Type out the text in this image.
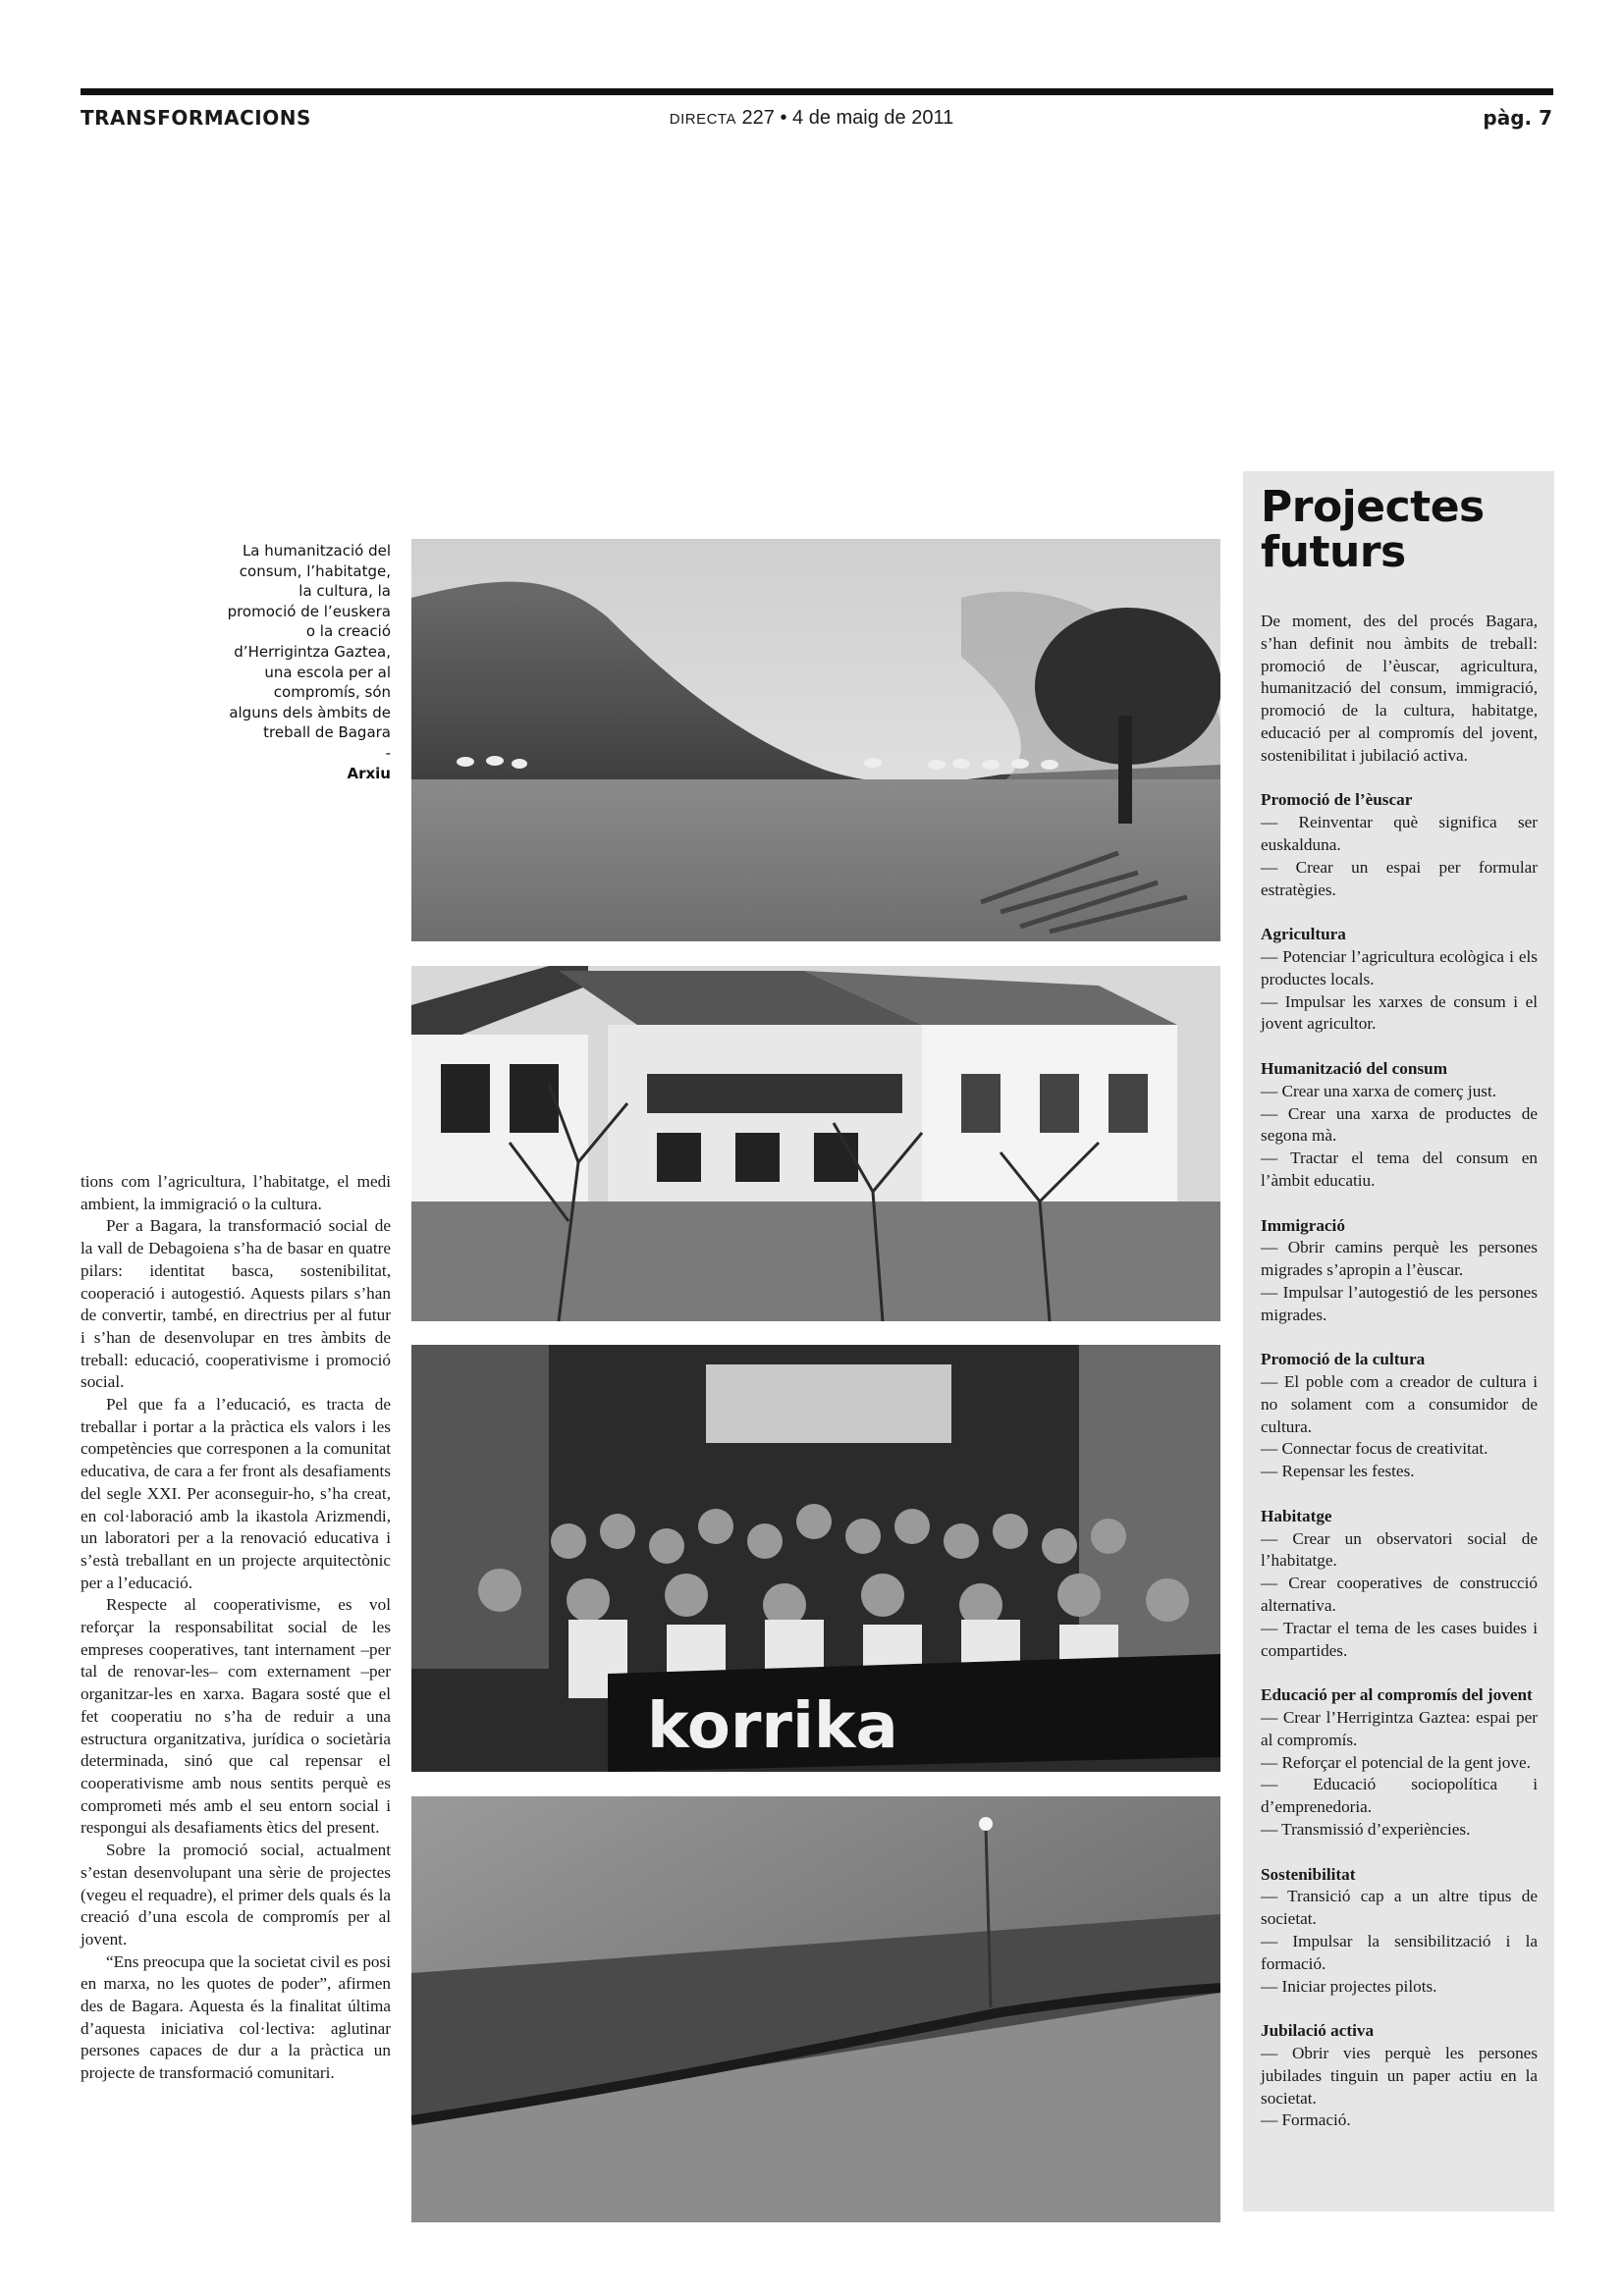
TRANSFORMACIONS	DIRECTA 227 • 4 de maig de 2011	pàg. 7
La humanització del consum, l’habitatge, la cultura, la promoció de l’euskera o la creació d’Herrigintza Gaztea, una escola per al compromís, són alguns dels àmbits de treball de Bagara
-
Arxiu
korrika

tions com l’agricultura, l’habitatge, el medi ambient, la immigració o la cultura.

Per a Bagara, la transformació social de la vall de Debagoiena s’ha de basar en quatre pilars: identitat basca, sostenibilitat, cooperació i autogestió. Aquests pilars s’han de convertir, també, en directrius per al futur i s’han de desenvolupar en tres àmbits de treball: educació, cooperativisme i promoció social.

Pel que fa a l’educació, es tracta de treballar i portar a la pràctica els valors i les competències que corresponen a la comunitat educativa, de cara a fer front als desafiaments del segle XXI. Per aconseguir-ho, s’ha creat, en col·laboració amb la ikastola Arizmendi, un laboratori per a la renovació educativa i s’està treballant en un projecte arquitectònic per a l’educació.

Respecte al cooperativisme, es vol reforçar la responsabilitat social de les empreses cooperatives, tant internament –per tal de renovar-les– com externament –per organitzar-les en xarxa. Bagara sosté que el fet cooperatiu no s’ha de reduir a una estructura organitzativa, jurídica o societària determinada, sinó que cal repensar el cooperativisme amb nous sentits perquè es comprometi més amb el seu entorn social i respongui als desafiaments ètics del present.

Sobre la promoció social, actualment s’estan desenvolupant una sèrie de projectes (vegeu el requadre), el primer dels quals és la creació d’una escola de compromís per al jovent.

“Ens preocupa que la societat civil es posi en marxa, no les quotes de poder”, afirmen des de Bagara. Aquesta és la finalitat última d’aquesta iniciativa col·lectiva: aglutinar persones capaces de dur a la pràctica un projecte de transformació comunitari.

Projectes
futurs

De moment, des del procés Bagara, s’han definit nou àmbits de treball: promoció de l’èuscar, agricultura, humanització del consum, immigració, promoció de la cultura, habitatge, educació per al compromís del jovent, sostenibilitat i jubilació activa.

Promoció de l’èuscar

— Reinventar què significa ser euskalduna.

— Crear un espai per formular estratègies.

Agricultura

— Potenciar l’agricultura ecològica i els productes locals.

— Impulsar les xarxes de consum i el jovent agricultor.

Humanització del consum

— Crear una xarxa de comerç just.

— Crear una xarxa de productes de segona mà.

— Tractar el tema del consum en l’àmbit educatiu.

Immigració

— Obrir camins perquè les persones migrades s’apropin a l’èuscar.

— Impulsar l’autogestió de les persones migrades.

Promoció de la cultura

— El poble com a creador de cultura i no solament com a consumidor de cultura.

— Connectar focus de creativitat.

— Repensar les festes.

Habitatge

— Crear un observatori social de l’habitatge.

— Crear cooperatives de construcció alternativa.

— Tractar el tema de les cases buides i compartides.

Educació per al compromís del jovent

— Crear l’Herrigintza Gaztea: espai per al compromís.

— Reforçar el potencial de la gent jove.

— Educació sociopolítica i d’emprenedoria.

— Transmissió d’experiències.

Sostenibilitat

— Transició cap a un altre tipus de societat.

— Impulsar la sensibilització i la formació.

— Iniciar projectes pilots.

Jubilació activa

— Obrir vies perquè les persones jubilades tinguin un paper actiu en la societat.

— Formació.
